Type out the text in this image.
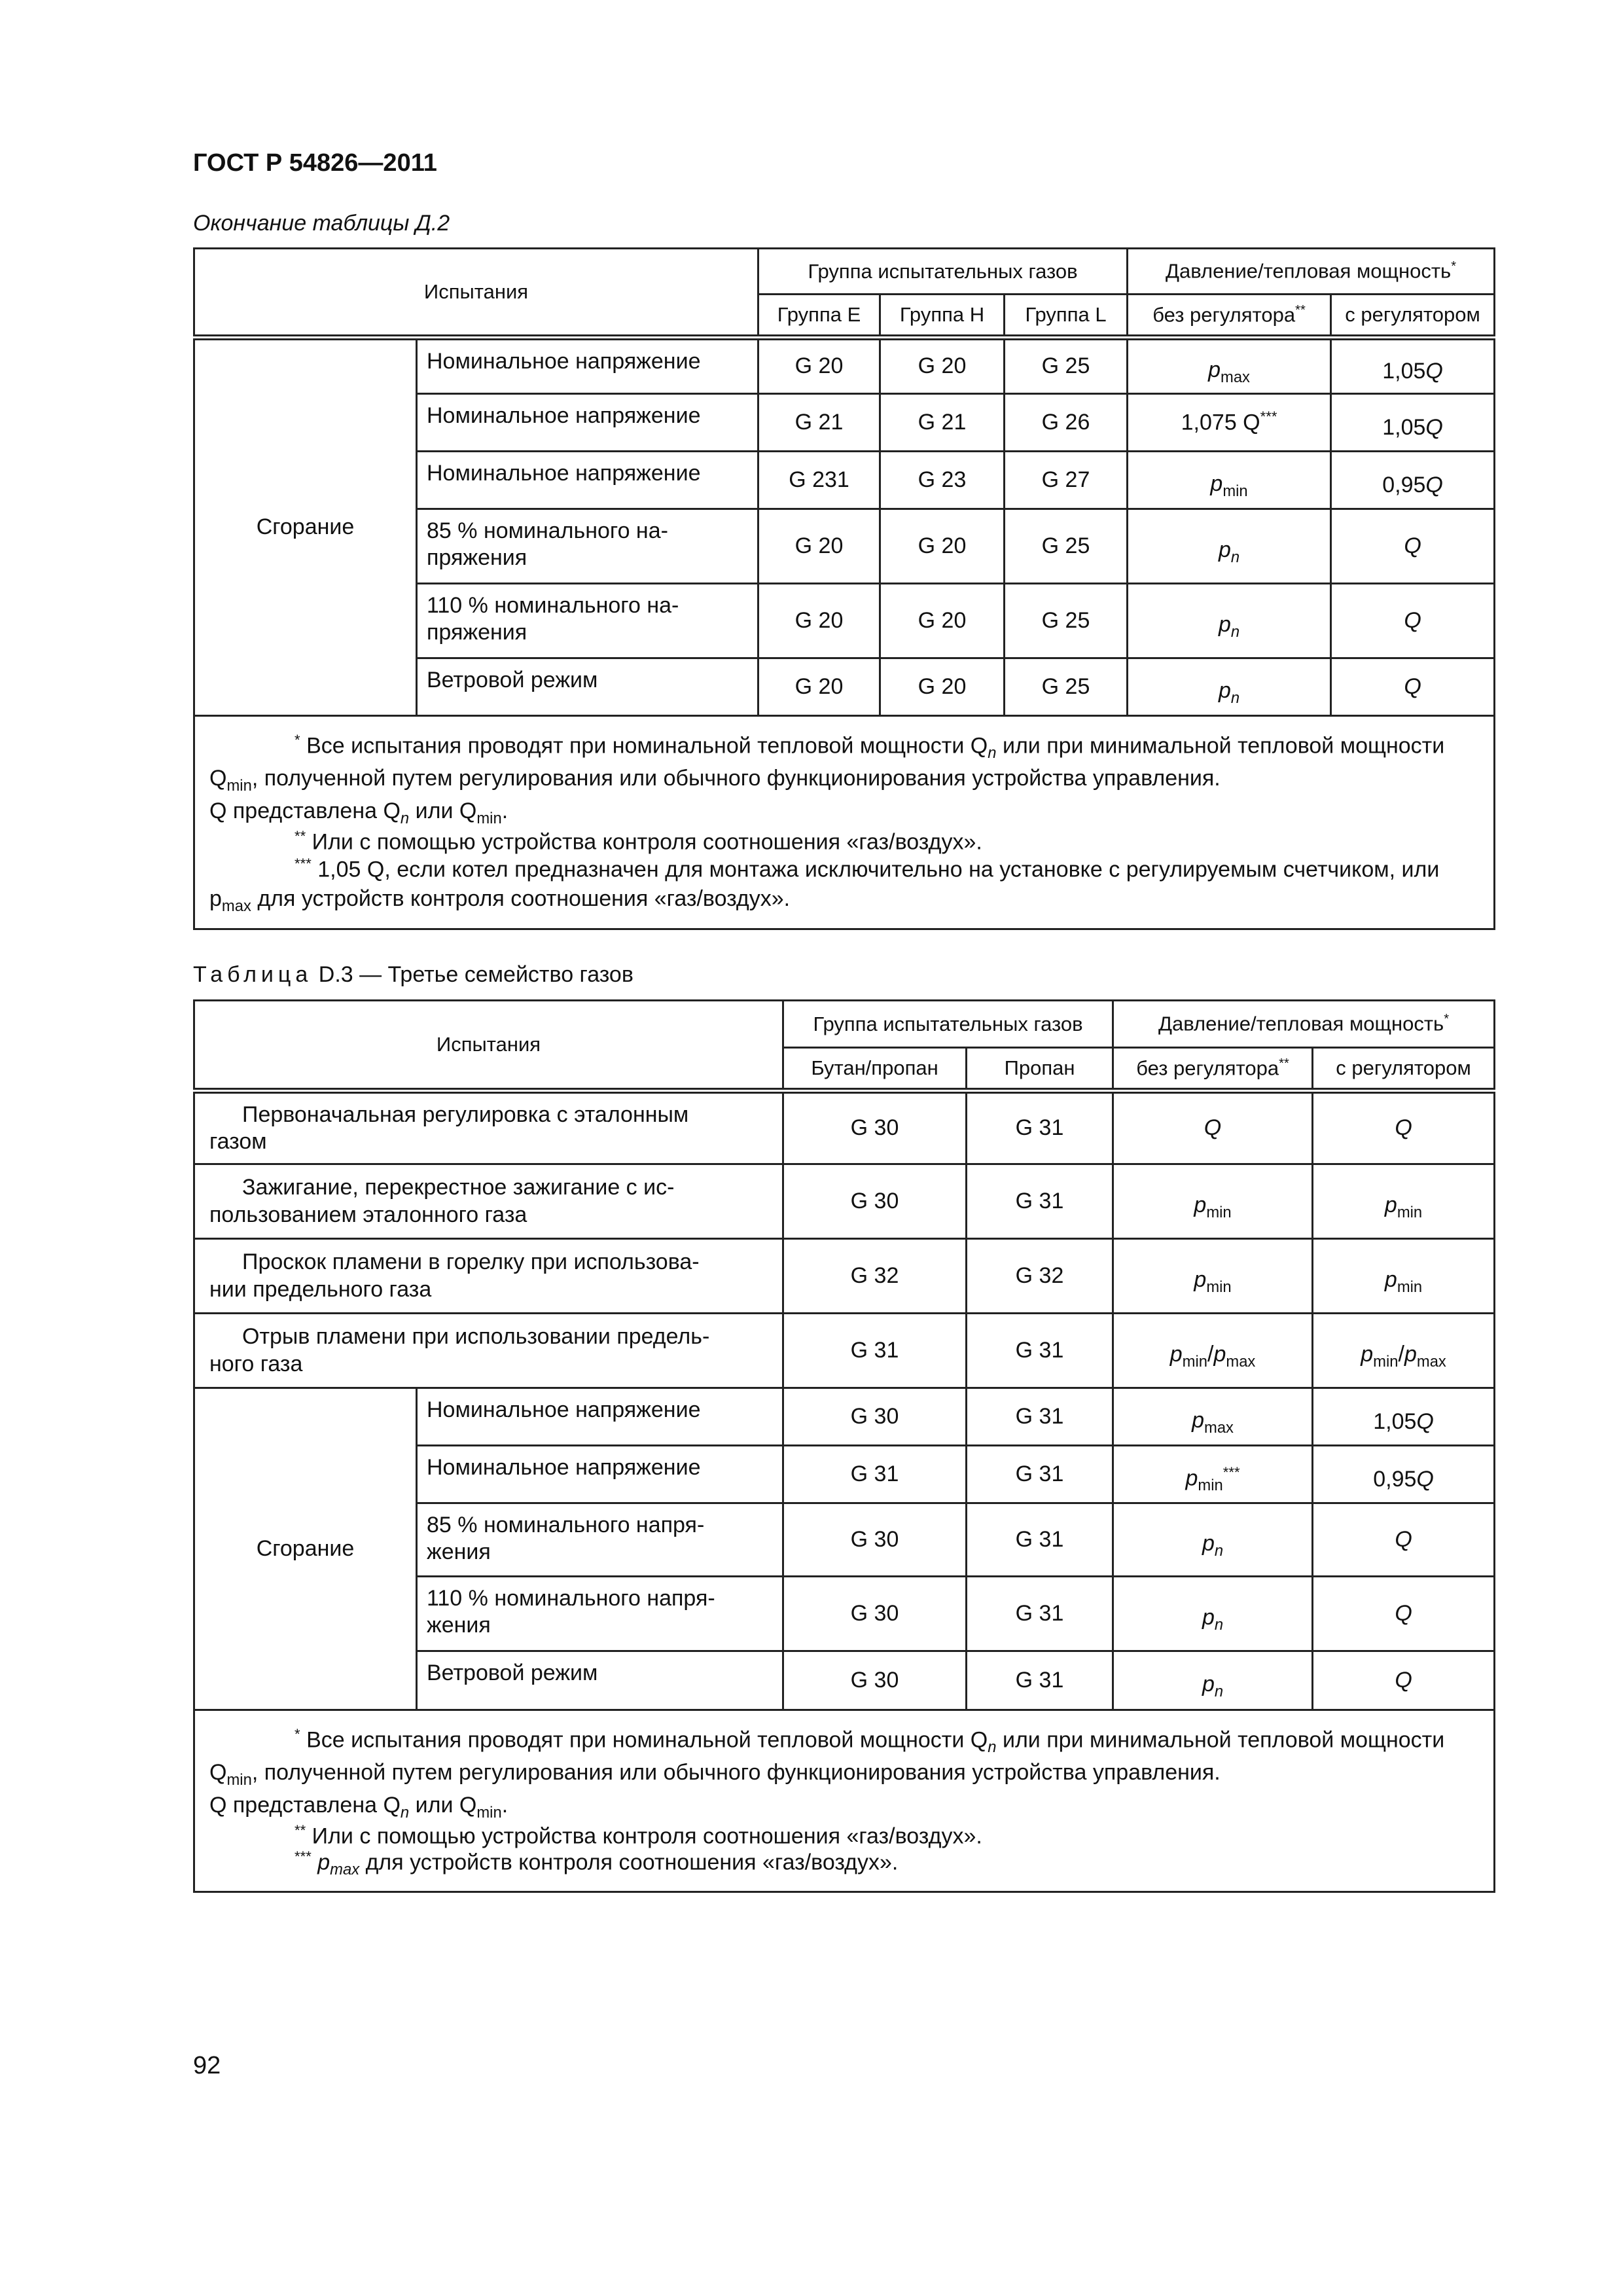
ГОСТ Р 54826—2011
Окончание таблицы Д.2
Испытания		Группа испытательных газов			Давление/тепловая мощность*
		Группа Е	Группа Н	Группа L	без регулятора**	с регулятором
Сгорание	Номинальное напряжение	G 20	G 20	G 25	$p_{max}$	1,05Q
	Номинальное напряжение	G 21	G 21	G 26	1,075 Q***	1,05Q
	Номинальное напряжение	G 231	G 23	G 27	$p_{min}$	0,95Q
	85 % номинального на-
пряжения	G 20	G 20	G 25	$p_n$	Q
	110 % номинального на-
пряжения	G 20	G 20	G 25	$p_n$	Q
	Ветровой режим	G 20	G 20	G 25	$p_n$	Q

* Все испытания проводят при номинальной тепловой мощности $Q_n$ или при минимальной тепловой мощности $Q_{min}$, полученной путем регулирования или обычного функционирования устройства управления.

Q представлена $Q_n$ или $Q_{min}$.

** Или с помощью устройства контроля соотношения «газ/воздух».

*** 1,05 Q, если котел предназначен для монтажа исключительно на установке с регулируемым счетчиком, или $p_{max}$ для устройств контроля соотношения «газ/воздух».						

Таблица D.3 — Третье семейство газов
Испытания		Группа испытательных газов		Давление/тепловая мощность*
		Бутан/пропан	Пропан	без регулятора**	с регулятором
Первоначальная регулировка с эталонным
газом		G 30	G 31	Q	Q
Зажигание, перекрестное зажигание с ис-
пользованием эталонного газа		G 30	G 31	$p_{min}$	$p_{min}$
Проскок пламени в горелку при использова-
нии предельного газа		G 32	G 32	$p_{min}$	$p_{min}$
Отрыв пламени при использовании предель-
ного газа		G 31	G 31	$p_{min}/p_{max}$	$p_{min}/p_{max}$
Сгорание	Номинальное напряжение	G 30	G 31	$p_{max}$	1,05Q
	Номинальное напряжение	G 31	G 31	$p_{min}^{***}$	0,95Q
	85 % номинального напря-
жения	G 30	G 31	$p_n$	Q
	110 % номинального напря-
жения	G 30	G 31	$p_n$	Q
	Ветровой режим	G 30	G 31	$p_n$	Q

* Все испытания проводят при номинальной тепловой мощности $Q_n$ или при минимальной тепловой мощности $Q_{min}$, полученной путем регулирования или обычного функционирования устройства управления.

Q представлена $Q_n$ или $Q_{min}$.

** Или с помощью устройства контроля соотношения «газ/воздух».

*** $p_{max}$ для устройств контроля соотношения «газ/воздух».					

92
